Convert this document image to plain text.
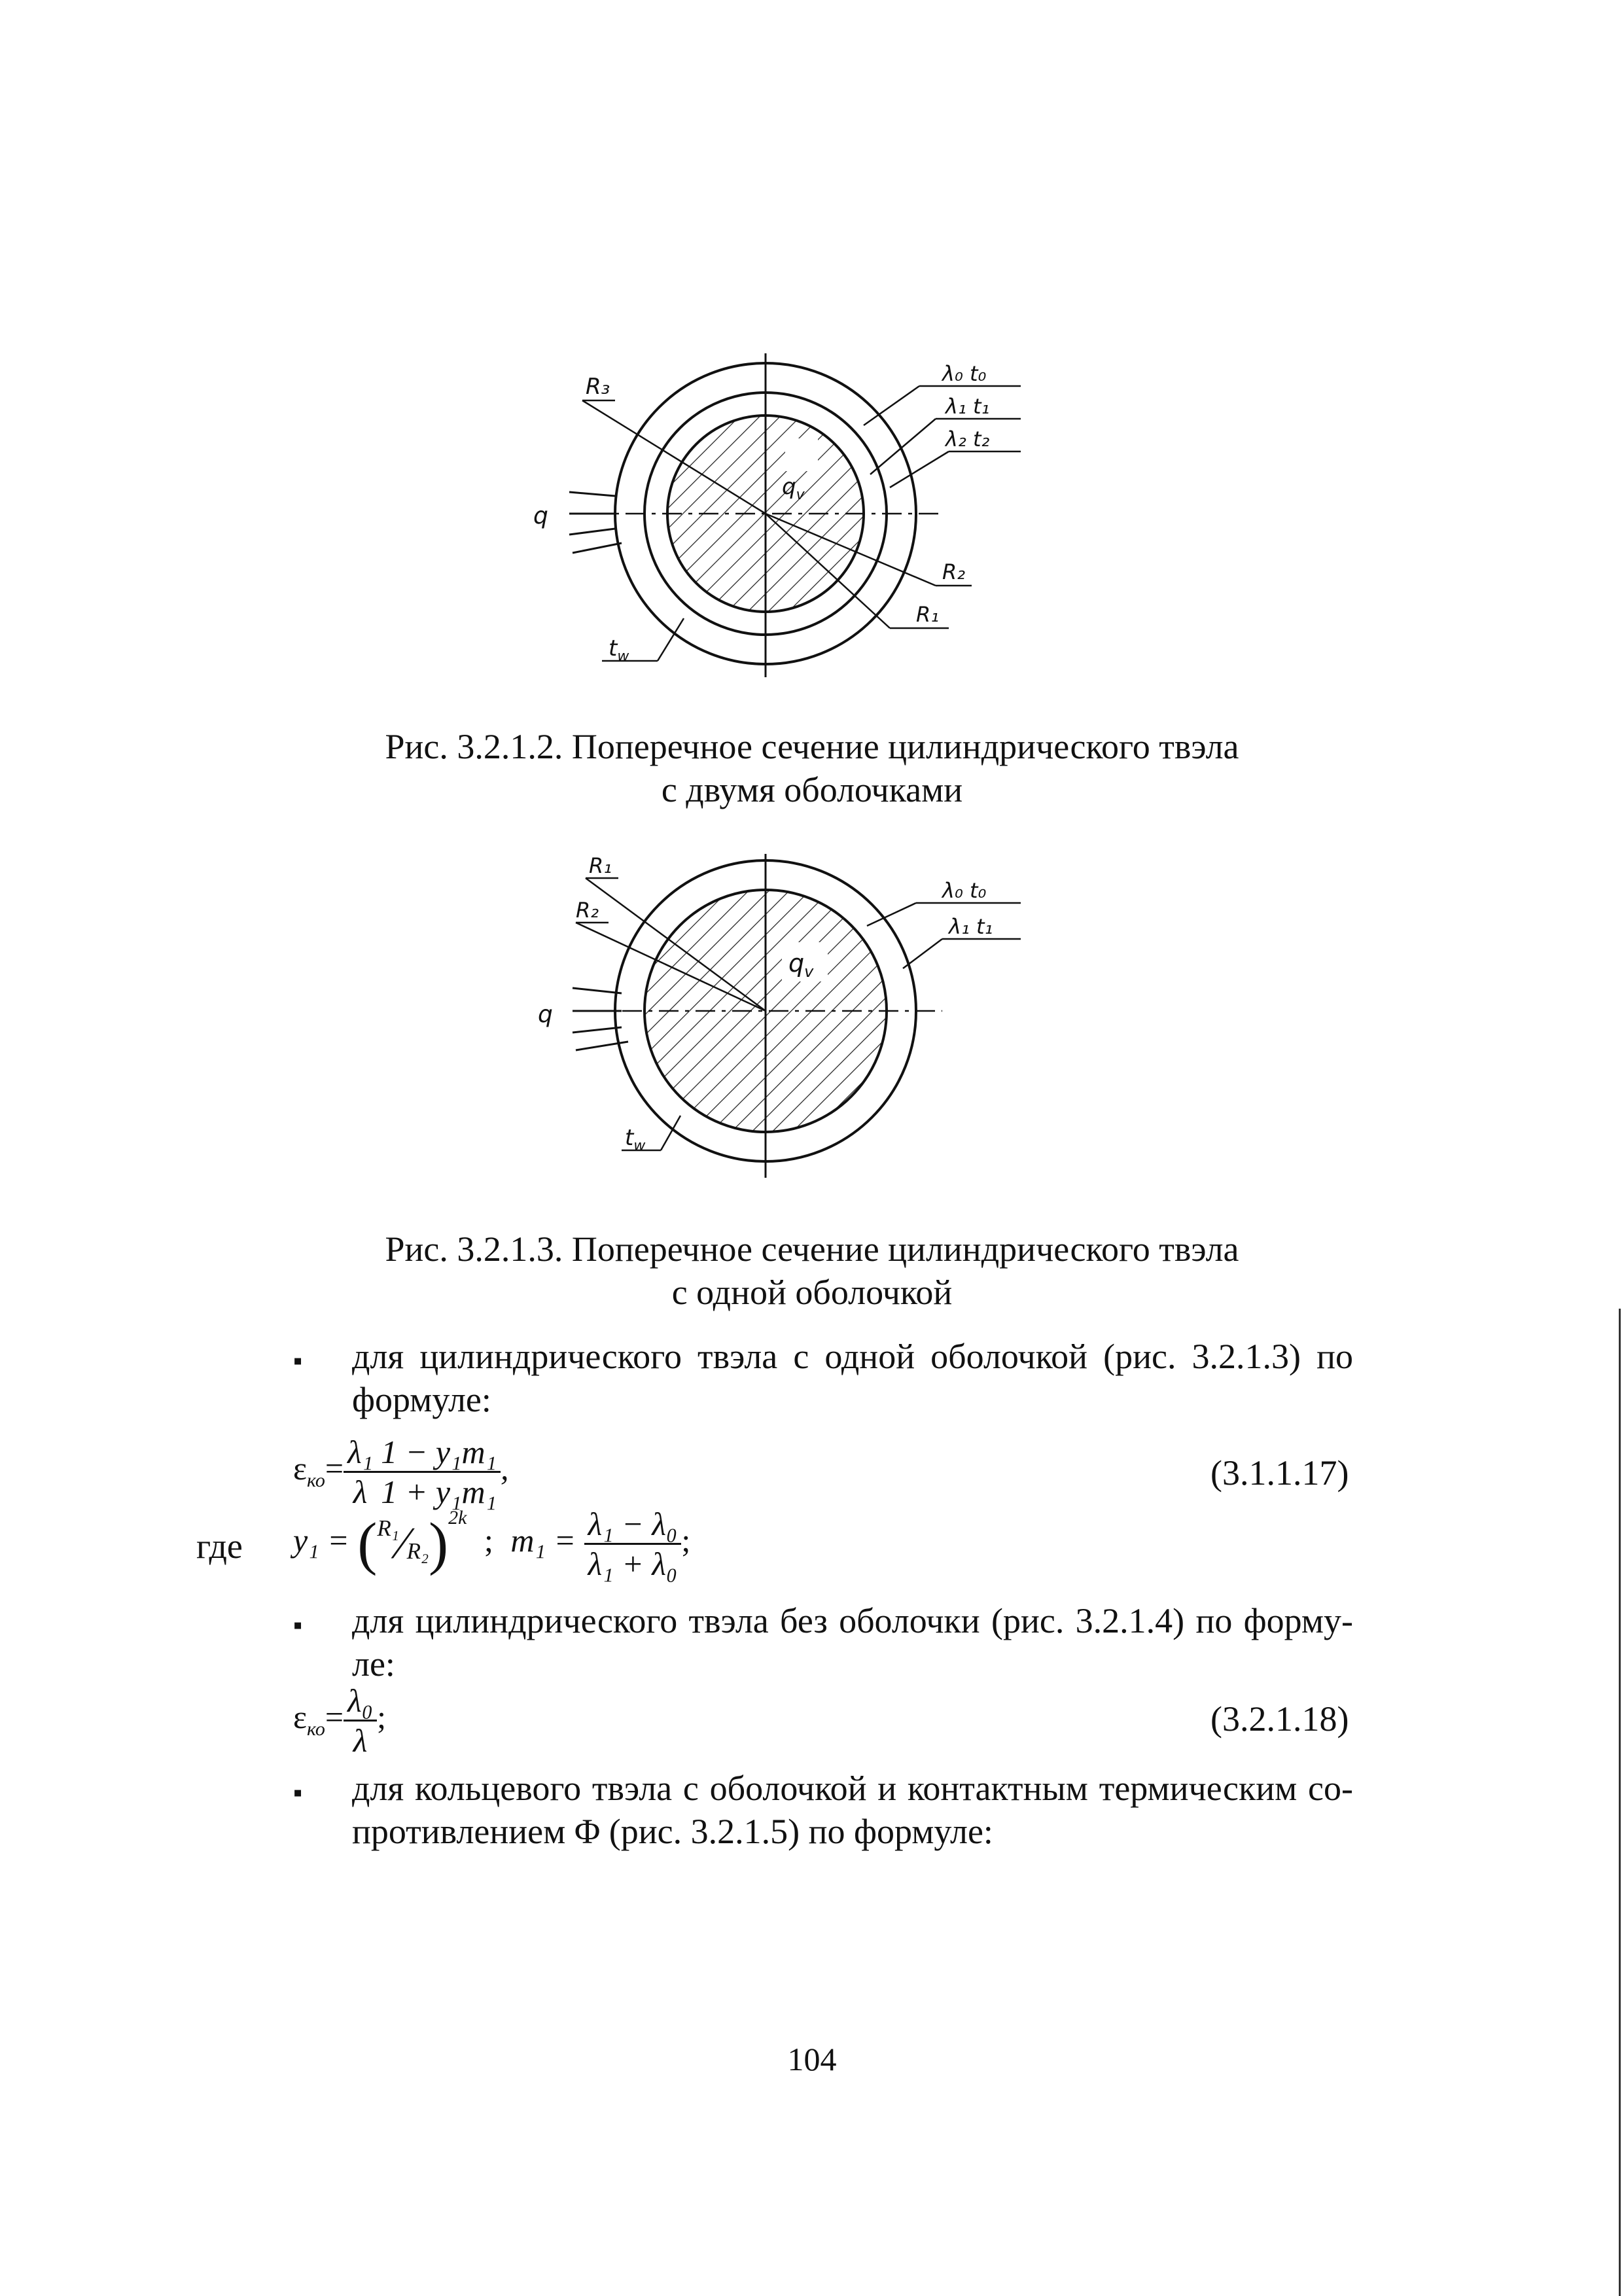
R₃
q
$q_v$
$t_w$
R₂
R₁
λ₀ t₀
λ₁ t₁
λ₂ t₂
Рис. 3.2.1.2. Поперечное сечение цилиндрического твэла
с двумя оболочками
R₁
R₂
q
$q_v$
$t_w$
λ₀ t₀
λ₁ t₁
Рис. 3.2.1.3. Поперечное сечение цилиндрического твэла
с одной оболочкой
▪ для цилиндрического твэла с одной оболочкой (рис. 3.2.1.3) по
формуле:
$\varepsilon_{ко}= \frac{\text{λ₁}}{\lambda} \frac{\text{1 − y₁m₁}}{\text{1 + y₁m₁}}$ ,	(3.1.1.17)
где $y_1 = (^{R_1}⁄_{R_2})^{2k}$ ; $m_1 = \frac{\text{λ₁ − λ₀}}{\text{λ₁ + λ₀}}$ ;
▪ для цилиндрического твэла без оболочки (рис. 3.2.1.4) по форму-
ле:
$\varepsilon_{ко}= \frac{\text{λ₀}}{\lambda}$ ;	(3.2.1.18)
▪ для кольцевого твэла с оболочкой и контактным термическим со-
противлением Φ (рис. 3.2.1.5) по формуле:
104
